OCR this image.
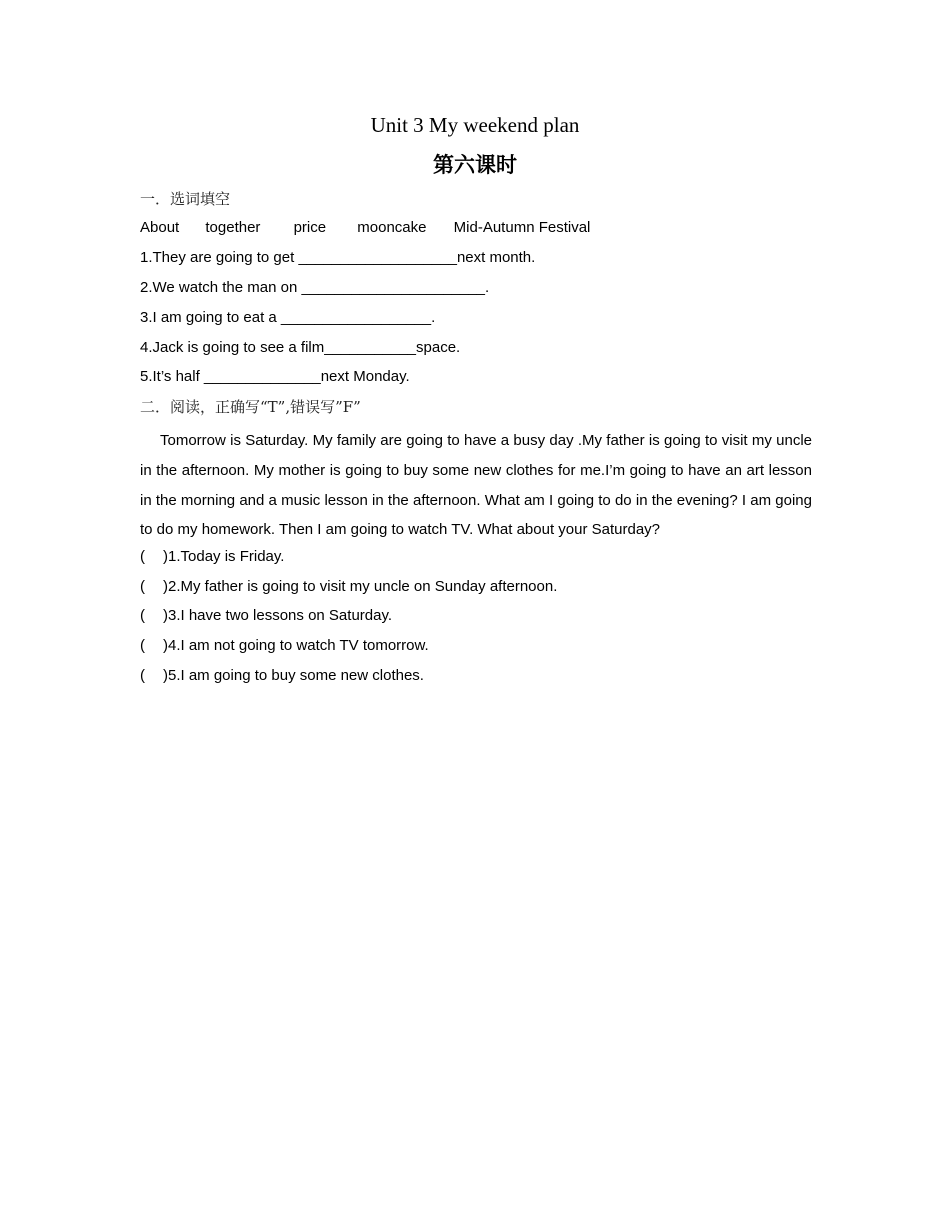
Unit 3 My weekend plan
第六课时
一．选词填空
About together price mooncake Mid-Autumn Festival
1.They are going to get ___________________next month.
2.We watch the man on ______________________.
3.I am going to eat a __________________.
4.Jack is going to see a film___________space.
5.It’s half ______________next Monday.
二．阅读，正确写“T”,错误写”F”
Tomorrow is Saturday. My family are going to have a busy day .My father is going to visit my uncle in the afternoon. My mother is going to buy some new clothes for me.I’m going to have an art lesson in the morning and a music lesson in the afternoon. What am I going to do in the evening? I am going to do my homework. Then I am going to watch TV. What about your Saturday?
( )1.Today is Friday.
( )2.My father is going to visit my uncle on Sunday afternoon.
( )3.I have two lessons on Saturday.
( )4.I am not going to watch TV tomorrow.
( )5.I am going to buy some new clothes.
